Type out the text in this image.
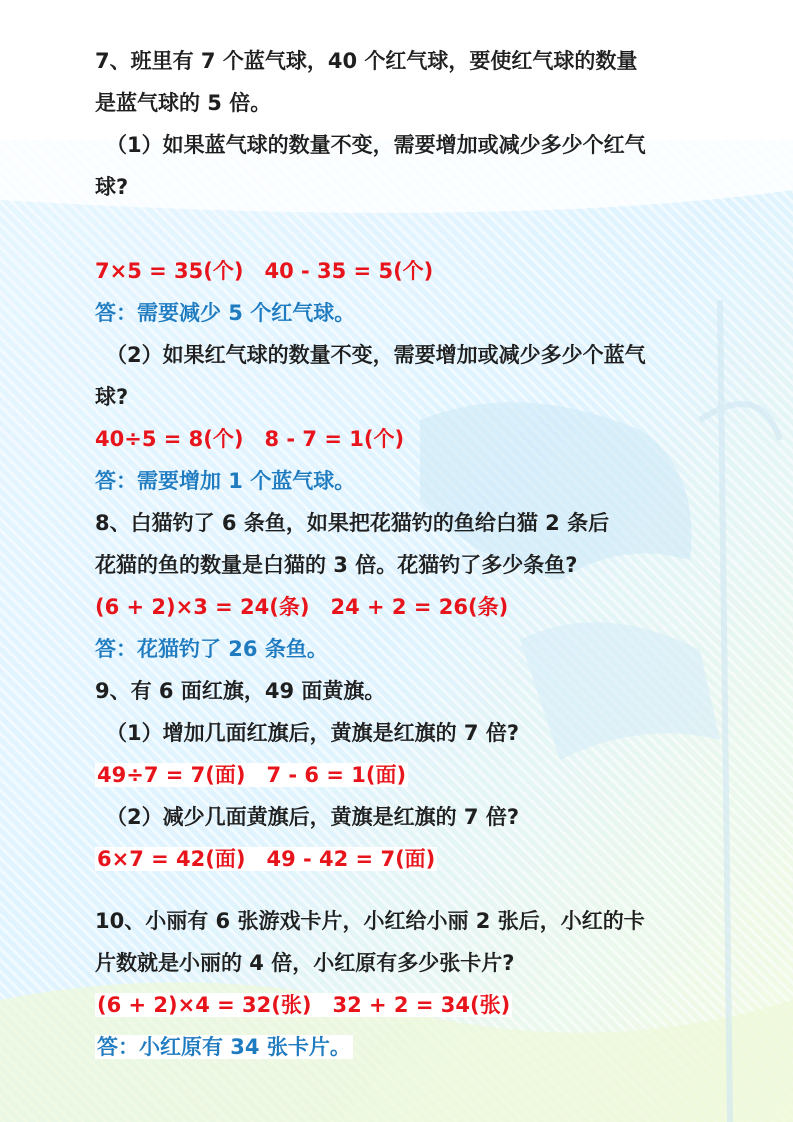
7、班里有 7 个蓝气球，40 个红气球，要使红气球的数量
是蓝气球的 5 倍。
（1）如果蓝气球的数量不变，需要增加或减少多少个红气
球?
7×5 = 35(个)　40 - 35 = 5(个)
答：需要减少 5 个红气球。
（2）如果红气球的数量不变，需要增加或减少多少个蓝气
球?
40÷5 = 8(个)　8 - 7 = 1(个)
答：需要增加 1 个蓝气球。
8、白猫钓了 6 条鱼，如果把花猫钓的鱼给白猫 2 条后
花猫的鱼的数量是白猫的 3 倍。花猫钓了多少条鱼?
(6 + 2)×3 = 24(条)　24 + 2 = 26(条)
答：花猫钓了 26 条鱼。
9、有 6 面红旗，49 面黄旗。
（1）增加几面红旗后，黄旗是红旗的 7 倍?
49÷7 = 7(面)　7 - 6 = 1(面)
（2）减少几面黄旗后，黄旗是红旗的 7 倍?
6×7 = 42(面)　49 - 42 = 7(面)
10、小丽有 6 张游戏卡片，小红给小丽 2 张后，小红的卡
片数就是小丽的 4 倍，小红原有多少张卡片?
(6 + 2)×4 = 32(张)　32 + 2 = 34(张)
答：小红原有 34 张卡片。
